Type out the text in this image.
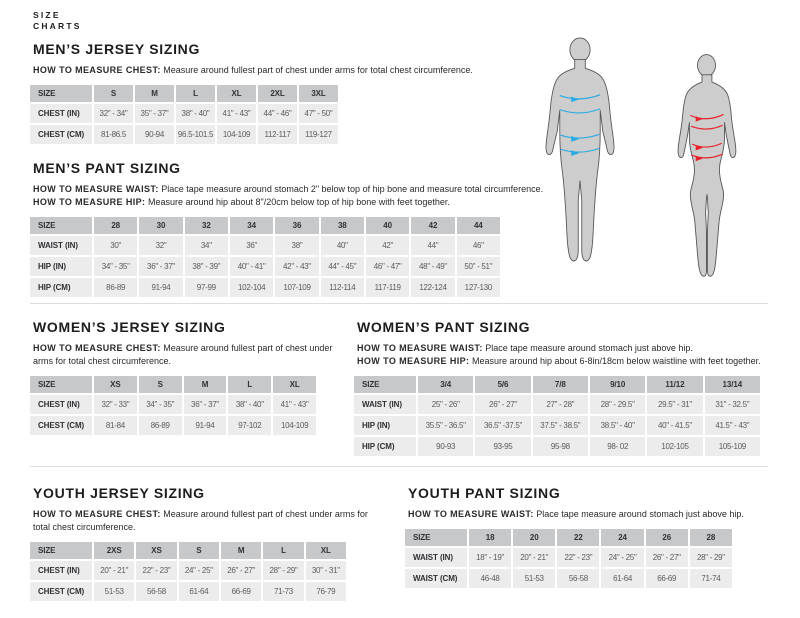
SIZE
CHARTS
MEN’S JERSEY SIZING

HOW TO MEASURE CHEST: Measure around fullest part of chest under arms for total chest circumference.

SIZE	S	M	L	XL	2XL	3XL
CHEST (IN)	32" - 34"	35" - 37"	38" - 40"	41" - 43"	44" - 46"	47" - 50"
CHEST (CM)	81-86.5	90-94	96.5-101.5	104-109	112-117	119-127
MEN’S PANT SIZING

HOW TO MEASURE WAIST: Place tape measure around stomach 2" below top of hip bone and measure total circumference.

HOW TO MEASURE HIP: Measure around hip about 8"/20cm below top of hip bone with feet together.

SIZE	28	30	32	34	36	38	40	42	44
WAIST (IN)	30"	32"	34"	36"	38"	40"	42"	44"	46"
HIP (IN)	34" - 35"	36" - 37"	38" - 39"	40" - 41"	42" - 43"	44" - 45"	46" - 47"	48" - 49"	50" - 51"
HIP (CM)	86-89	91-94	97-99	102-104	107-109	112-114	117-119	122-124	127-130
WOMEN’S JERSEY SIZING

HOW TO MEASURE CHEST: Measure around fullest part of chest under arms for total chest circumference.

SIZE	XS	S	M	L	XL
CHEST (IN)	32" - 33"	34" - 35"	36" - 37"	38" - 40"	41" - 43"
CHEST (CM)	81-84	86-89	91-94	97-102	104-109
WOMEN’S PANT SIZING

HOW TO MEASURE WAIST: Place tape measure around stomach just above hip.

HOW TO MEASURE HIP: Measure around hip about 6-8in/18cm below waistline with feet together.

SIZE	3/4	5/6	7/8	9/10	11/12	13/14
WAIST (IN)	25" - 26"	26" - 27"	27" - 28"	28" - 29.5"	29.5" - 31"	31" - 32.5"
HIP (IN)	35.5" - 36.5"	36.5" -37.5"	37.5" - 38.5"	38.5" - 40"	40" - 41.5"	41.5" - 43"
HIP (CM)	90-93	93-95	95-98	98- 02	102-105	105-109
YOUTH JERSEY SIZING

HOW TO MEASURE CHEST: Measure around fullest part of chest under arms for total chest circumference.

SIZE	2XS	XS	S	M	L	XL
CHEST (IN)	20" - 21"	22" - 23"	24" - 25"	26" - 27"	28" - 29"	30" - 31"
CHEST (CM)	51-53	56-58	61-64	66-69	71-73	76-79
YOUTH PANT SIZING

HOW TO MEASURE WAIST: Place tape measure around stomach just above hip.

SIZE	18	20	22	24	26	28
WAIST (IN)	18" - 19"	20" - 21"	22" - 23"	24" - 25"	26" - 27"	28" - 29"
WAIST (CM)	46-48	51-53	56-58	61-64	66-69	71-74
